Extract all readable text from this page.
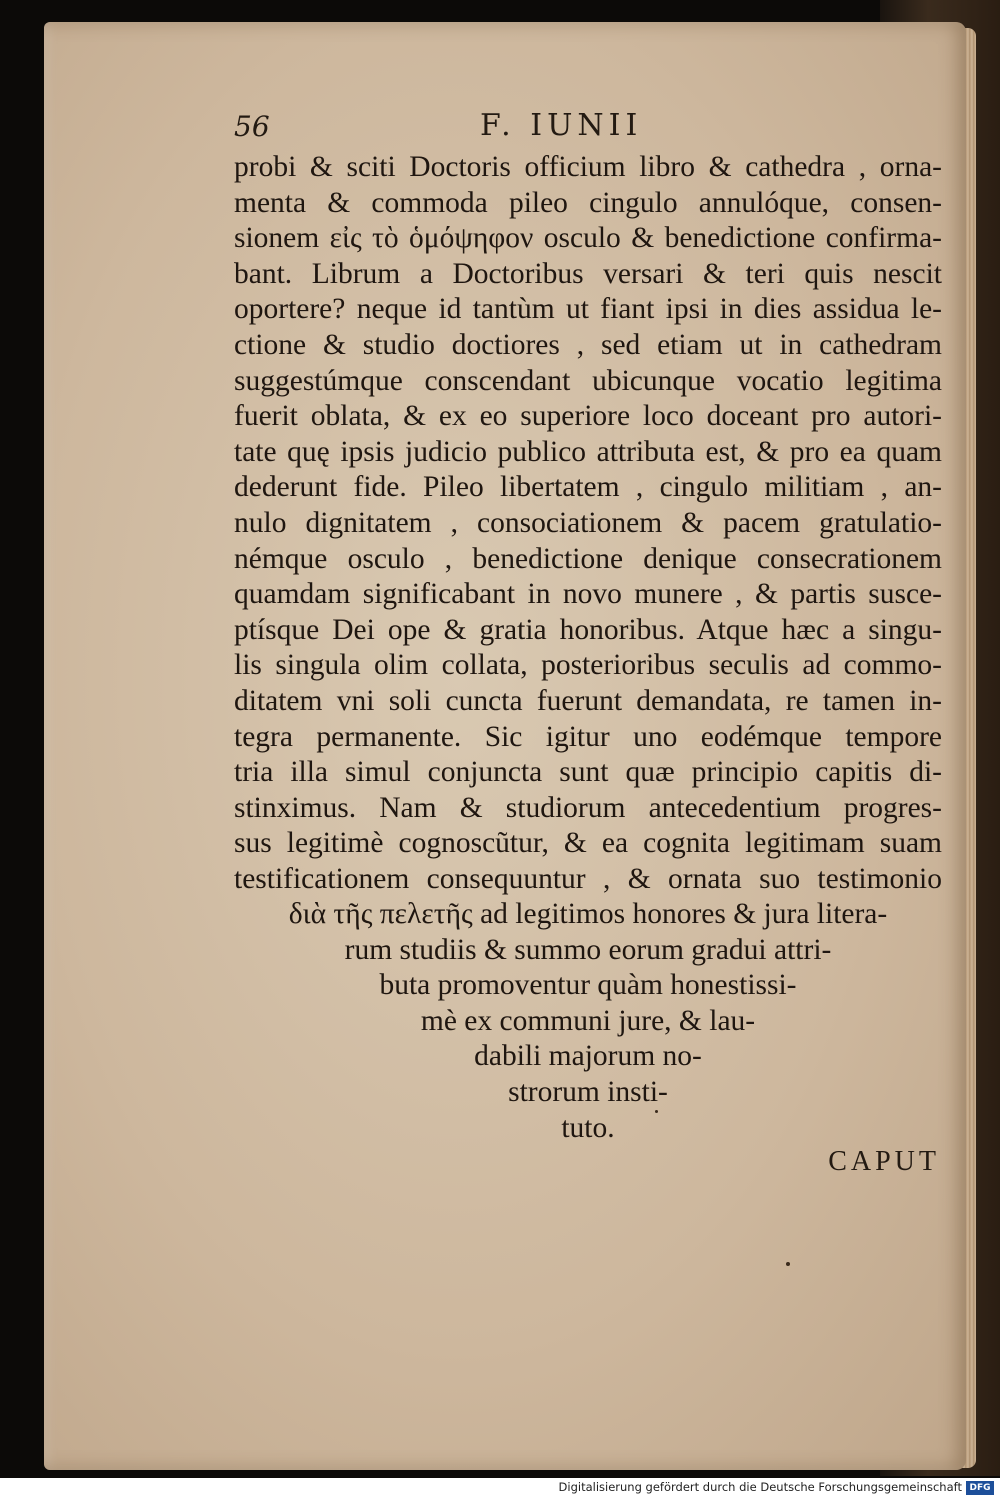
56	F. IUNII
probi & sciti Doctoris officium libro & cathedra , orna-
menta & commoda pileo cingulo annulóque, consen-
sionem εἰς τὸ ὁμόψηφον osculo & benedictione confirma-
bant. Librum a Doctoribus versari & teri quis nescit
oportere? neque id tantùm ut fiant ipsi in dies assidua le-
ctione & studio doctiores , sed etiam ut in cathedram
suggestúmque conscendant ubicunque vocatio legitima
fuerit oblata, & ex eo superiore loco doceant pro autori-
tate quę ipsis judicio publico attributa est, & pro ea quam
dederunt fide. Pileo libertatem , cingulo militiam , an-
nulo dignitatem , consociationem & pacem gratulatio-
némque osculo , benedictione denique consecrationem
quamdam significabant in novo munere , & partis susce-
ptísque Dei ope & gratia honoribus. Atque hæc a singu-
lis singula olim collata, posterioribus seculis ad commo-
ditatem vni soli cuncta fuerunt demandata, re tamen in-
tegra permanente. Sic igitur uno eodémque tempore
tria illa simul conjuncta sunt quæ principio capitis di-
stinximus. Nam & studiorum antecedentium progres-
sus legitimè cognoscũtur, & ea cognita legitimam suam
testificationem consequuntur , & ornata suo testimonio
διὰ τῆς πελετῆς ad legitimos honores & jura litera-
rum studiis & summo eorum gradui attri-
buta promoventur quàm honestissi-
mè ex communi jure, & lau-
dabili majorum no-
strorum insti-
tuto.
CAPUT
Digitalisierung gefördert durch die Deutsche Forschungsgemeinschaft DFG
